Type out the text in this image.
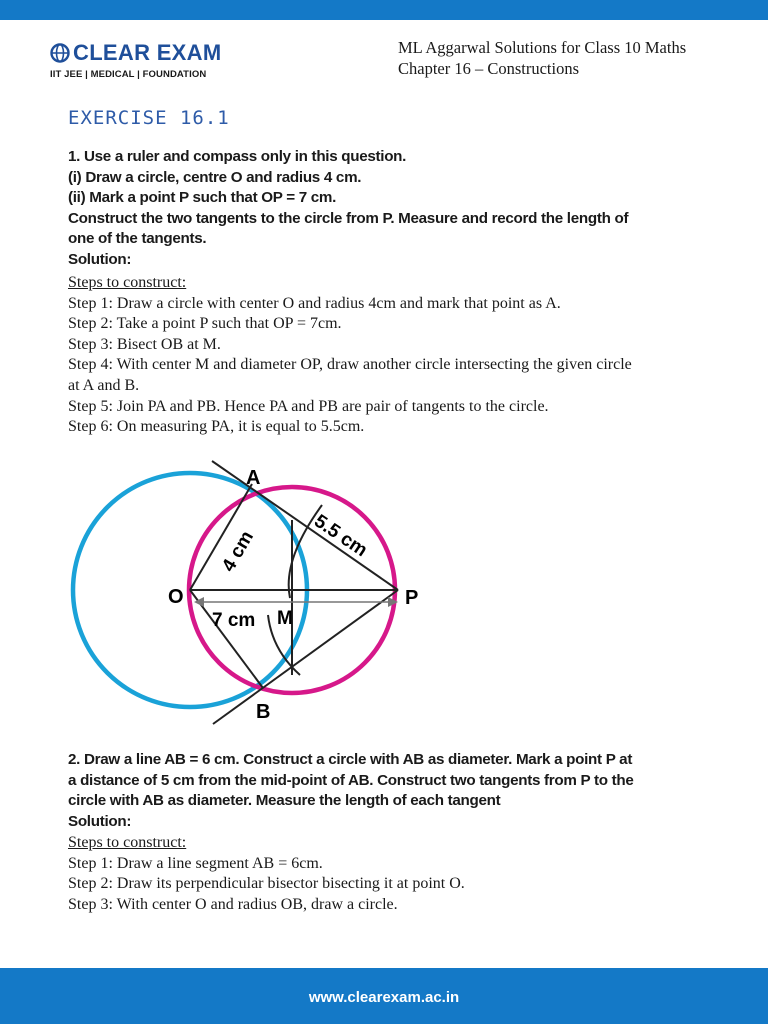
CLEAR EXAM
IIT JEE | MEDICAL | FOUNDATION
ML Aggarwal Solutions for Class 10 Maths
Chapter 16 – Constructions
EXERCISE 16.1
1. Use a ruler and compass only in this question.
(i) Draw a circle, centre O and radius 4 cm.
(ii) Mark a point P such that OP = 7 cm.
Construct the two tangents to the circle from P. Measure and record the length of
one of the tangents.
Solution:
Steps to construct:
Step 1: Draw a circle with center O and radius 4cm and mark that point as A.
Step 2: Take a point P such that OP = 7cm.
Step 3: Bisect OB at M.
Step 4: With center M and diameter OP, draw another circle intersecting the given circle
at A and B.
Step 5: Join PA and PB. Hence PA and PB are pair of tangents to the circle.
Step 6: On measuring PA, it is equal to 5.5cm.
A
B
O	P
M
4 cm	5.5 cm
7 cm
2. Draw a line AB = 6 cm. Construct a circle with AB as diameter. Mark a point P at
a distance of 5 cm from the mid-point of AB. Construct two tangents from P to the
circle with AB as diameter. Measure the length of each tangent
Solution:
Steps to construct:
Step 1: Draw a line segment AB = 6cm.
Step 2: Draw its perpendicular bisector bisecting it at point O.
Step 3: With center O and radius OB, draw a circle.
www.clearexam.ac.in
